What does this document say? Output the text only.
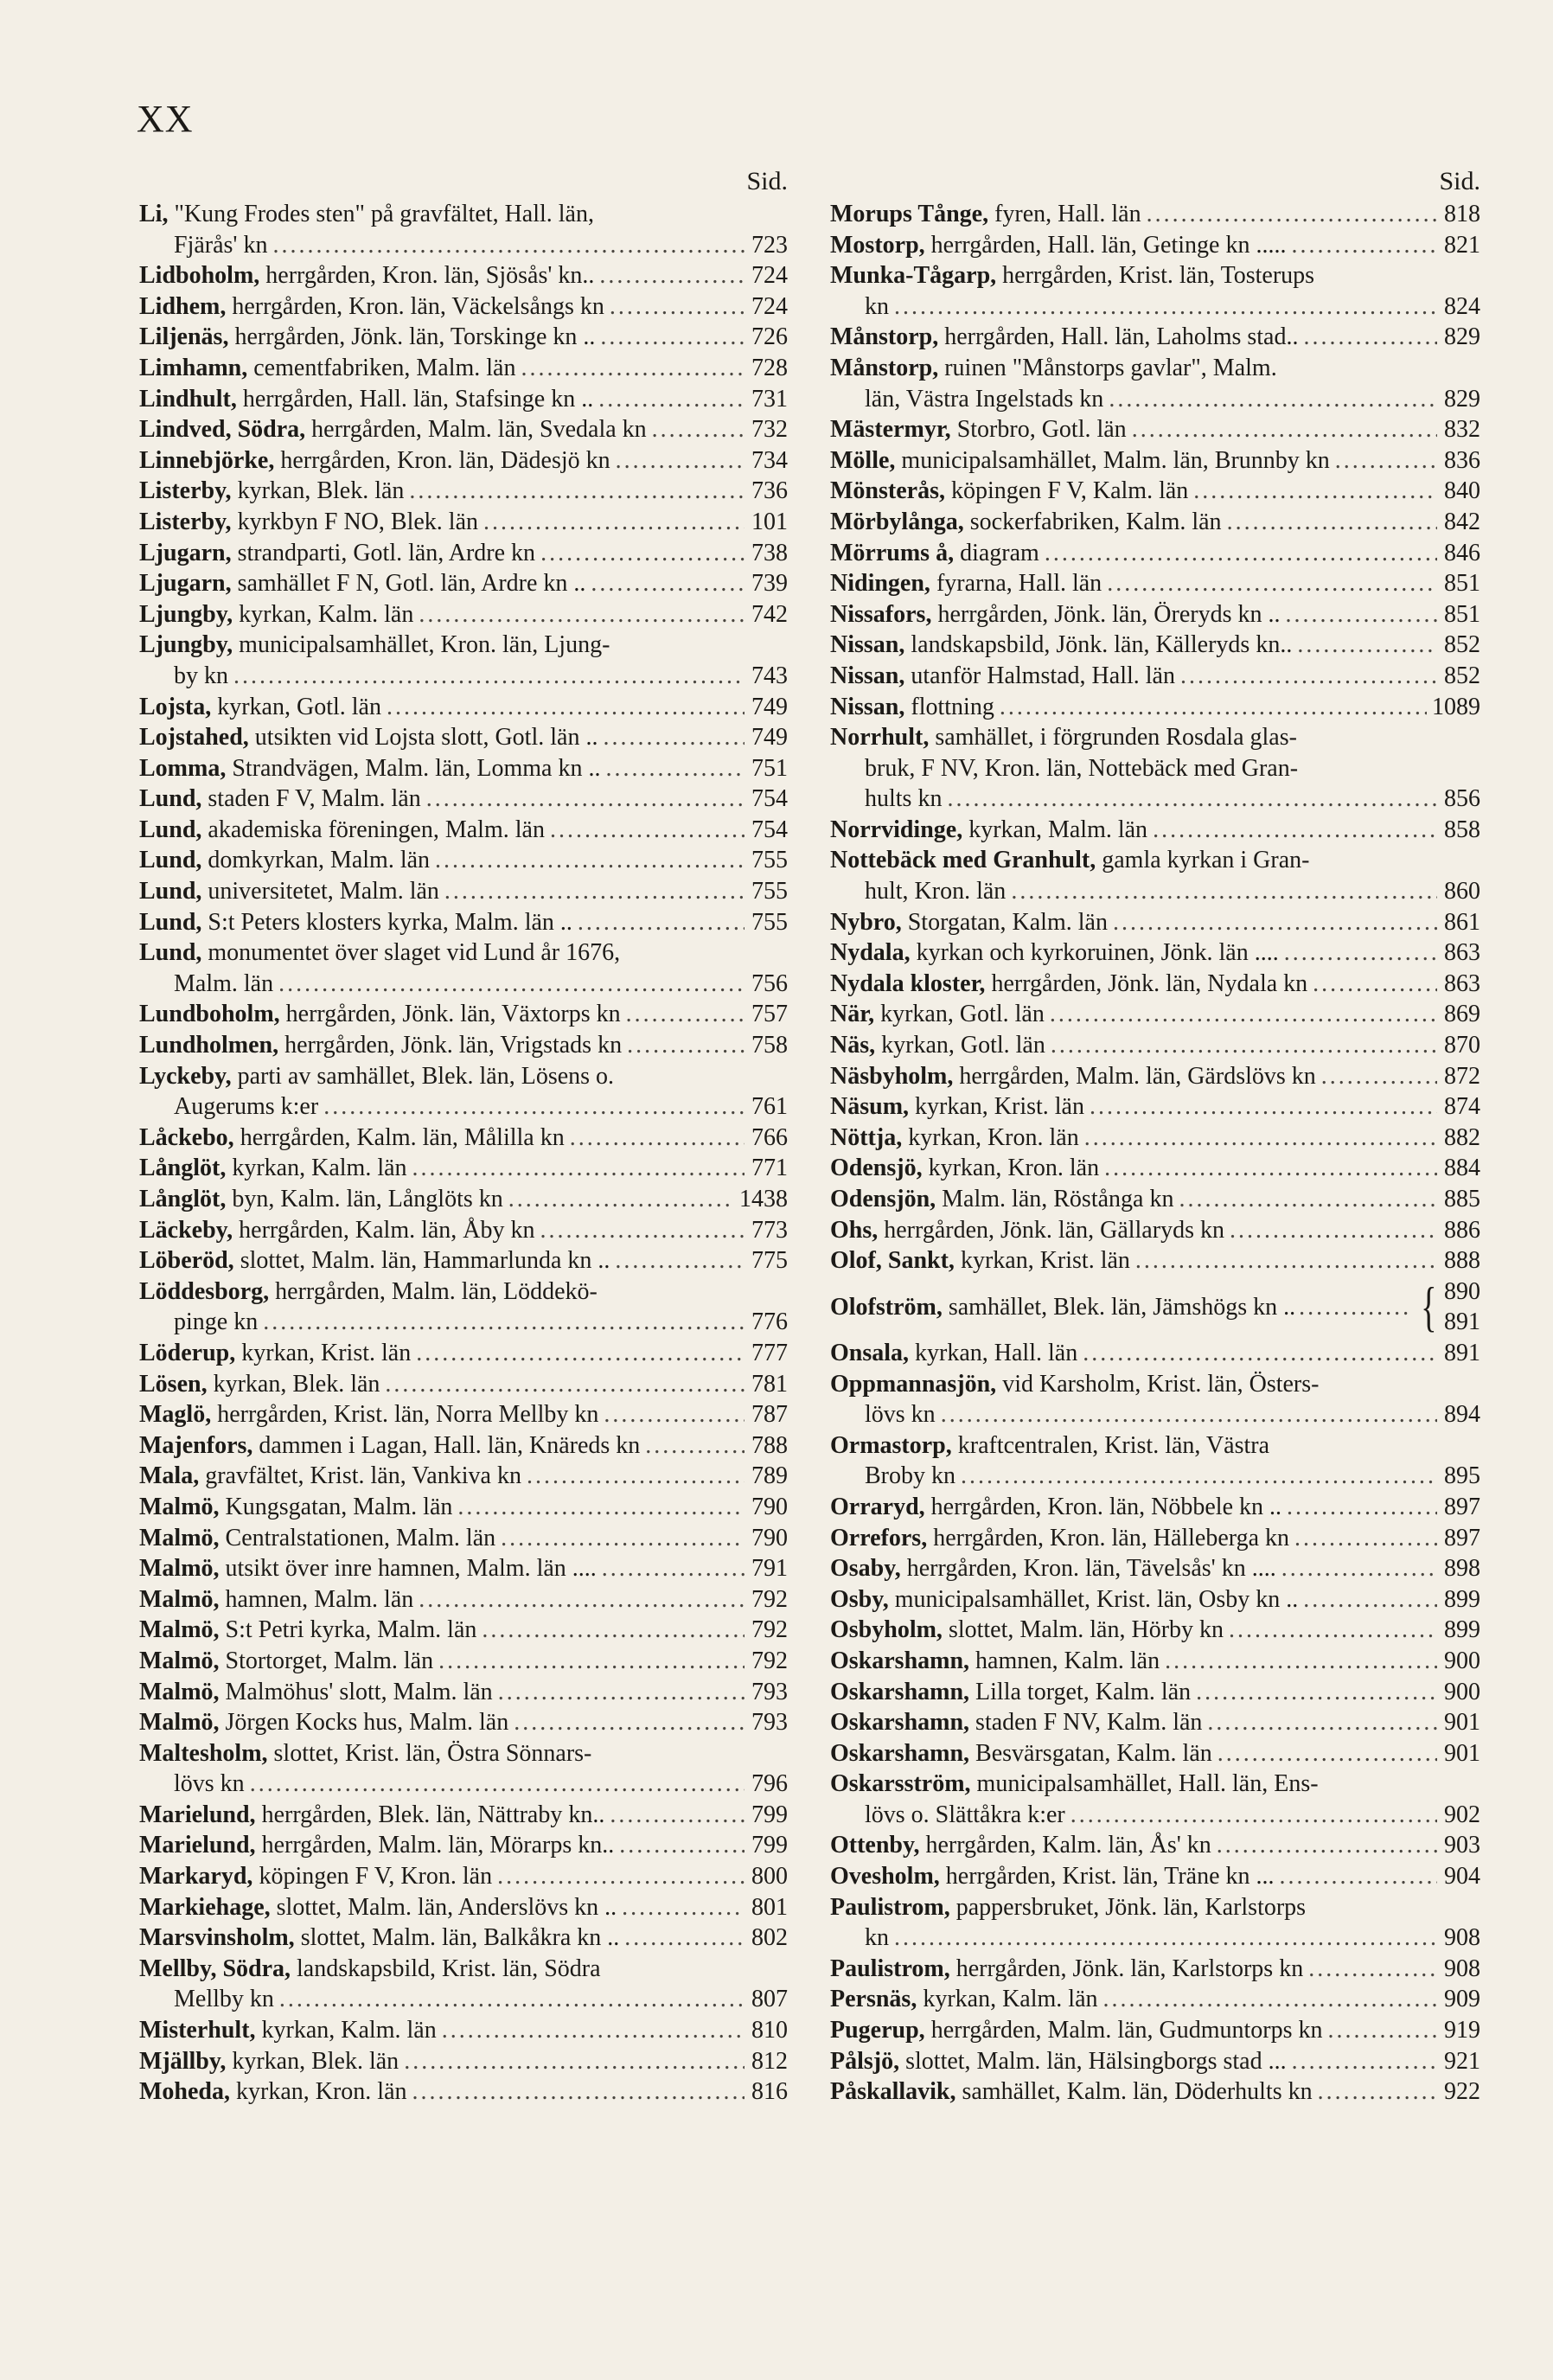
XX
Sid.
Li, "Kung Frodes sten" på gravfältet, Hall. län,
Fjärås' kn .....	723
Lidboholm, herrgården, Kron. län, Sjösås' kn.. .....	724
Lidhem, herrgården, Kron. län, Väckelsångs kn .....	724
Liljenäs, herrgården, Jönk. län, Torskinge kn .. .....	726
Limhamn, cementfabriken, Malm. län .....	728
Lindhult, herrgården, Hall. län, Stafsinge kn .. .....	731
Lindved, Södra, herrgården, Malm. län, Svedala kn .....	732
Linnebjörke, herrgården, Kron. län, Dädesjö kn .....	734
Listerby, kyrkan, Blek. län .....	736
Listerby, kyrkbyn F NO, Blek. län .....	101
Ljugarn, strandparti, Gotl. län, Ardre kn .....	738
Ljugarn, samhället F N, Gotl. län, Ardre kn .. .....	739
Ljungby, kyrkan, Kalm. län .....	742
Ljungby, municipalsamhället, Kron. län, Ljung-
by kn .....	743
Lojsta, kyrkan, Gotl. län .....	749
Lojstahed, utsikten vid Lojsta slott, Gotl. län .. .....	749
Lomma, Strandvägen, Malm. län, Lomma kn .. .....	751
Lund, staden F V, Malm. län .....	754
Lund, akademiska föreningen, Malm. län .....	754
Lund, domkyrkan, Malm. län .....	755
Lund, universitetet, Malm. län .....	755
Lund, S:t Peters klosters kyrka, Malm. län .. .....	755
Lund, monumentet över slaget vid Lund år 1676,
Malm. län .....	756
Lundboholm, herrgården, Jönk. län, Växtorps kn .....	757
Lundholmen, herrgården, Jönk. län, Vrigstads kn .....	758
Lyckeby, parti av samhället, Blek. län, Lösens o.
Augerums k:er .....	761
Låckebo, herrgården, Kalm. län, Målilla kn .....	766
Långlöt, kyrkan, Kalm. län .....	771
Långlöt, byn, Kalm. län, Långlöts kn .....	1438
Läckeby, herrgården, Kalm. län, Åby kn .....	773
Löberöd, slottet, Malm. län, Hammarlunda kn .. .....	775
Löddesborg, herrgården, Malm. län, Löddekö-
pinge kn .....	776
Löderup, kyrkan, Krist. län .....	777
Lösen, kyrkan, Blek. län .....	781
Maglö, herrgården, Krist. län, Norra Mellby kn .....	787
Majenfors, dammen i Lagan, Hall. län, Knäreds kn .....	788
Mala, gravfältet, Krist. län, Vankiva kn .....	789
Malmö, Kungsgatan, Malm. län .....	790
Malmö, Centralstationen, Malm. län .....	790
Malmö, utsikt över inre hamnen, Malm. län .... .....	791
Malmö, hamnen, Malm. län .....	792
Malmö, S:t Petri kyrka, Malm. län .....	792
Malmö, Stortorget, Malm. län .....	792
Malmö, Malmöhus' slott, Malm. län .....	793
Malmö, Jörgen Kocks hus, Malm. län .....	793
Maltesholm, slottet, Krist. län, Östra Sönnars-
lövs kn .....	796
Marielund, herrgården, Blek. län, Nättraby kn.. .....	799
Marielund, herrgården, Malm. län, Mörarps kn.. .....	799
Markaryd, köpingen F V, Kron. län .....	800
Markiehage, slottet, Malm. län, Anderslövs kn .. .....	801
Marsvinsholm, slottet, Malm. län, Balkåkra kn .. .....	802
Mellby, Södra, landskapsbild, Krist. län, Södra
Mellby kn .....	807
Misterhult, kyrkan, Kalm. län .....	810
Mjällby, kyrkan, Blek. län .....	812
Moheda, kyrkan, Kron. län .....	816
Sid.
Morups Tånge, fyren, Hall. län .....	818
Mostorp, herrgården, Hall. län, Getinge kn ..... .....	821
Munka-Tågarp, herrgården, Krist. län, Tosterups
kn .....	824
Månstorp, herrgården, Hall. län, Laholms stad.. .....	829
Månstorp, ruinen "Månstorps gavlar", Malm.
län, Västra Ingelstads kn .....	829
Mästermyr, Storbro, Gotl. län .....	832
Mölle, municipalsamhället, Malm. län, Brunnby kn .....	836
Mönsterås, köpingen F V, Kalm. län .....	840
Mörbylånga, sockerfabriken, Kalm. län .....	842
Mörrums å, diagram .....	846
Nidingen, fyrarna, Hall. län .....	851
Nissafors, herrgården, Jönk. län, Öreryds kn .. .....	851
Nissan, landskapsbild, Jönk. län, Källeryds kn.. .....	852
Nissan, utanför Halmstad, Hall. län .....	852
Nissan, flottning .....	1089
Norrhult, samhället, i förgrunden Rosdala glas-
bruk, F NV, Kron. län, Nottebäck med Gran-
hults kn .....	856
Norrvidinge, kyrkan, Malm. län .....	858
Nottebäck med Granhult, gamla kyrkan i Gran-
hult, Kron. län .....	860
Nybro, Storgatan, Kalm. län .....	861
Nydala, kyrkan och kyrkoruinen, Jönk. län .... .....	863
Nydala kloster, herrgården, Jönk. län, Nydala kn .....	863
När, kyrkan, Gotl. län .....	869
Näs, kyrkan, Gotl. län .....	870
Näsbyholm, herrgården, Malm. län, Gärdslövs kn .....	872
Näsum, kyrkan, Krist. län .....	874
Nöttja, kyrkan, Kron. län .....	882
Odensjö, kyrkan, Kron. län .....	884
Odensjön, Malm. län, Röstånga kn .....	885
Ohs, herrgården, Jönk. län, Gällaryds kn .....	886
Olof, Sankt, kyrkan, Krist. län .....	888
Olofström, samhället, Blek. län, Jämshögs kn .. ..... { 890
891
Onsala, kyrkan, Hall. län .....	891
Oppmannasjön, vid Karsholm, Krist. län, Östers-
lövs kn .....	894
Ormastorp, kraftcentralen, Krist. län, Västra
Broby kn .....	895
Orraryd, herrgården, Kron. län, Nöbbele kn .. .....	897
Orrefors, herrgården, Kron. län, Hälleberga kn .....	897
Osaby, herrgården, Kron. län, Tävelsås' kn .... .....	898
Osby, municipalsamhället, Krist. län, Osby kn .. .....	899
Osbyholm, slottet, Malm. län, Hörby kn .....	899
Oskarshamn, hamnen, Kalm. län .....	900
Oskarshamn, Lilla torget, Kalm. län .....	900
Oskarshamn, staden F NV, Kalm. län .....	901
Oskarshamn, Besvärsgatan, Kalm. län .....	901
Oskarsström, municipalsamhället, Hall. län, Ens-
lövs o. Slättåkra k:er .....	902
Ottenby, herrgården, Kalm. län, Ås' kn .....	903
Ovesholm, herrgården, Krist. län, Träne kn ... .....	904
Paulistrom, pappersbruket, Jönk. län, Karlstorps
kn .....	908
Paulistrom, herrgården, Jönk. län, Karlstorps kn .....	908
Persnäs, kyrkan, Kalm. län .....	909
Pugerup, herrgården, Malm. län, Gudmuntorps kn .....	919
Pålsjö, slottet, Malm. län, Hälsingborgs stad ... .....	921
Påskallavik, samhället, Kalm. län, Döderhults kn .....	922
